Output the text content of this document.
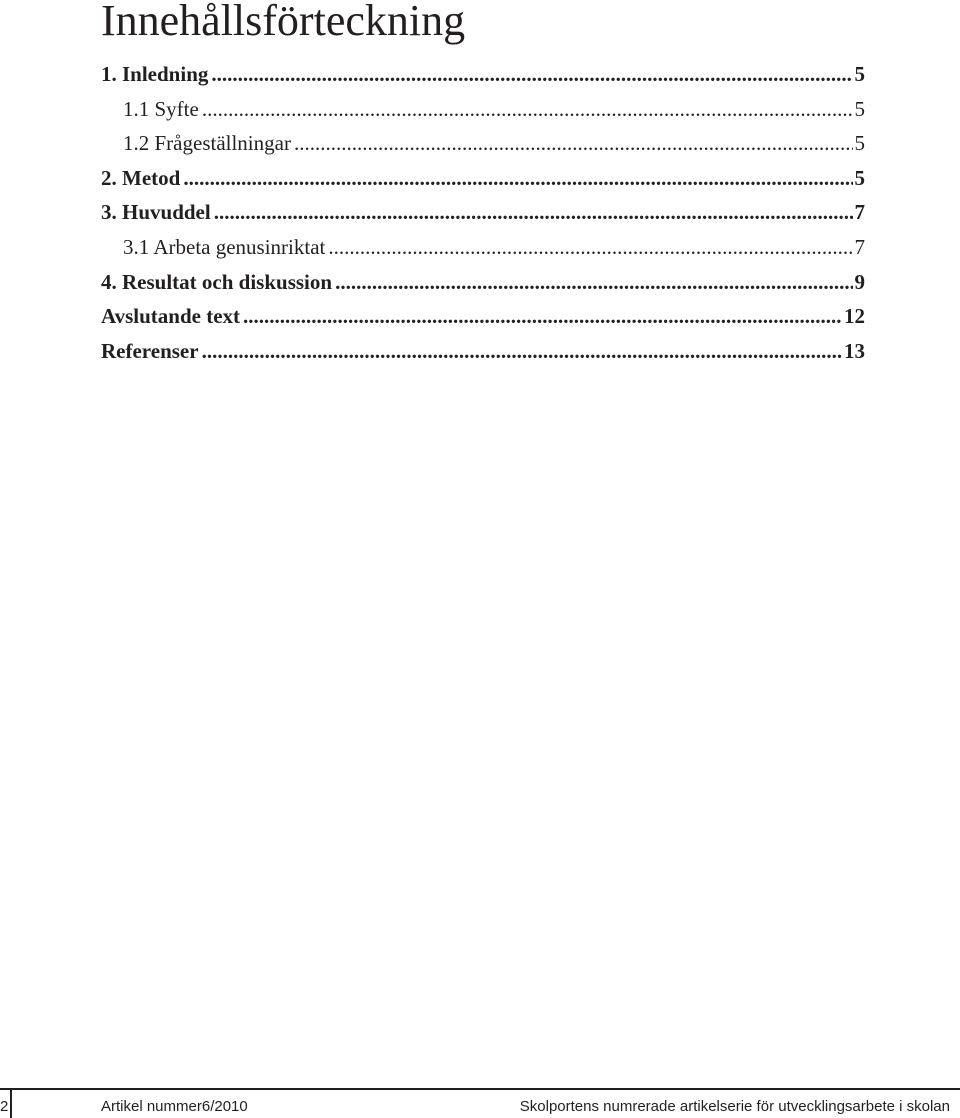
Innehållsförteckning
1. Inledning .....	5
1.1 Syfte .....	5
1.2 Frågeställningar .....	5
2. Metod .....	5
3. Huvuddel .....	7
3.1 Arbeta genusinriktat .....	7
4. Resultat och diskussion .....	9
Avslutande text .....	12
Referenser .....	13
2	Artikel nummer6/2010	Skolportens numrerade artikelserie för utvecklingsarbete i skolan
